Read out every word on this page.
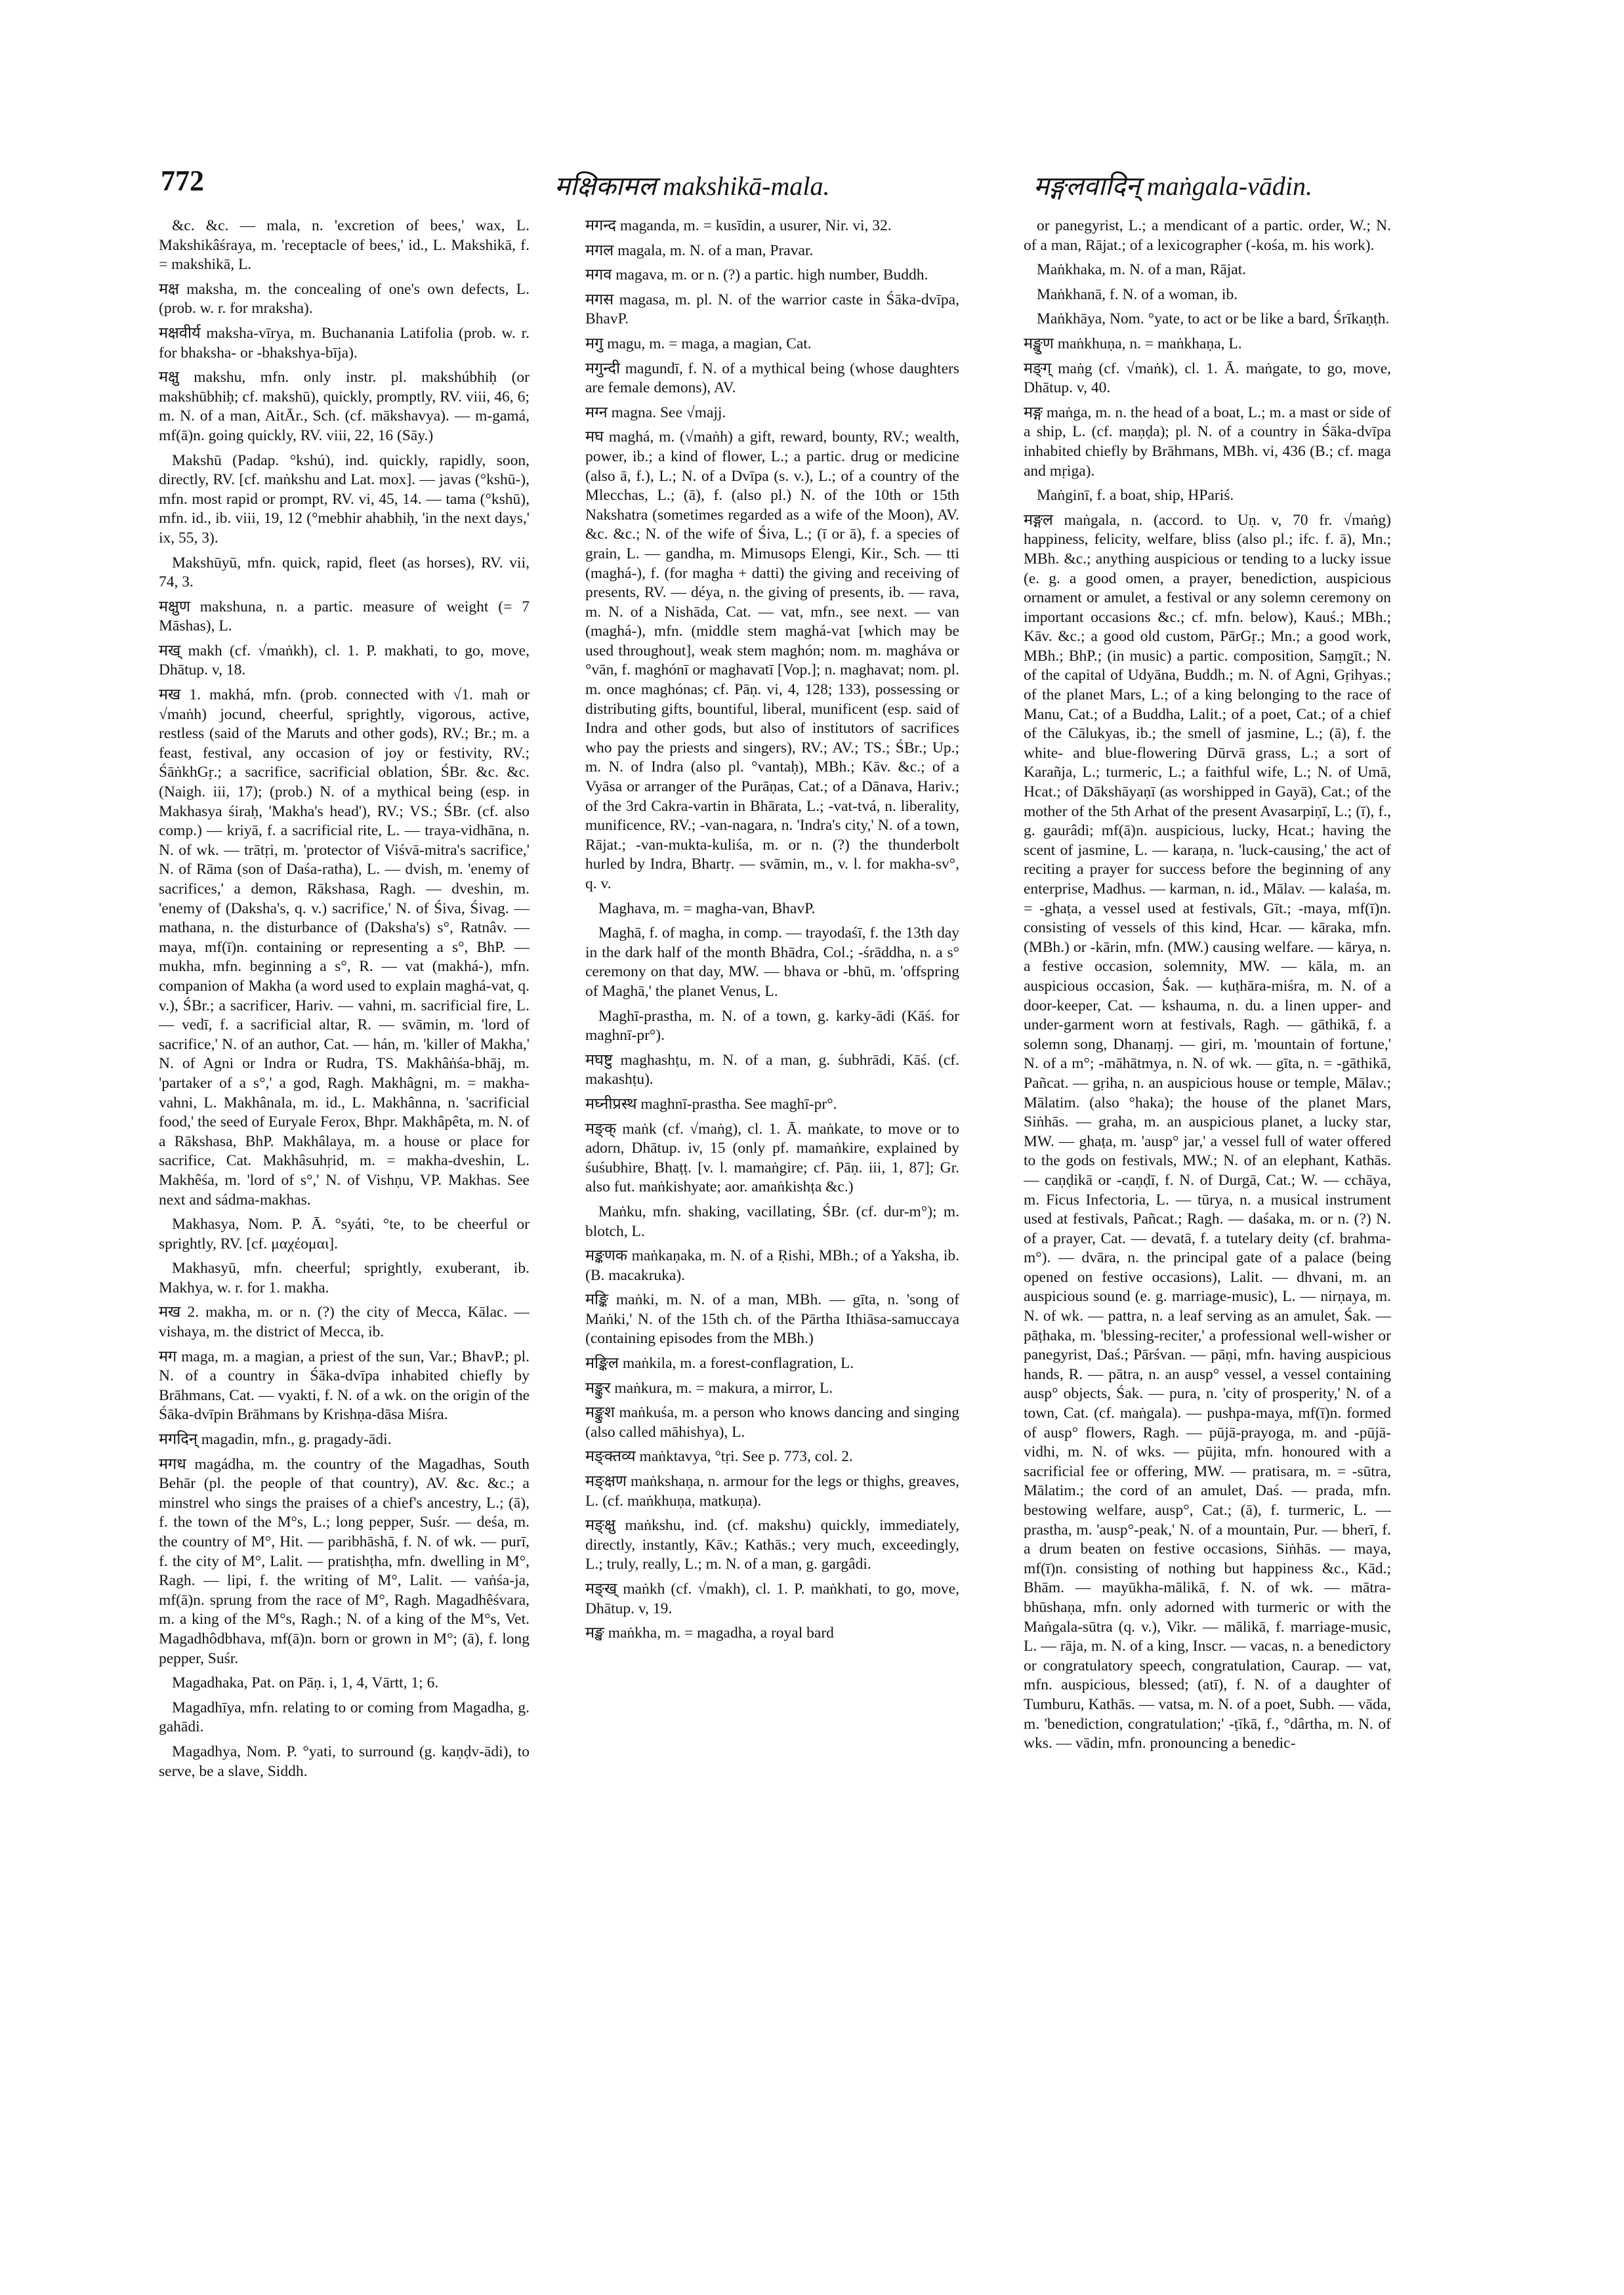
772	मक्षिकामल makshikā-mala.	मङ्गलवादिन् maṅgala-vādin.

&c. &c. — mala, n. 'excretion of bees,' wax, L. Makshikâśraya, m. 'receptacle of bees,' id., L. Makshikā, f. = makshikā, L.

मक्ष maksha, m. the concealing of one's own defects, L. (prob. w. r. for mraksha).

मक्षवीर्य maksha-vīrya, m. Buchanania Latifolia (prob. w. r. for bhaksha- or -bhakshya-bīja).

मक्षु makshu, mfn. only instr. pl. makshúbhiḥ (or makshūbhiḥ; cf. makshū), quickly, promptly, RV. viii, 46, 6; m. N. of a man, AitĀr., Sch. (cf. mākshavya). — m-gamá, mf(ā)n. going quickly, RV. viii, 22, 16 (Sāy.)

Makshū (Padap. °kshú), ind. quickly, rapidly, soon, directly, RV. [cf. maṅkshu and Lat. mox]. — javas (°kshū-), mfn. most rapid or prompt, RV. vi, 45, 14. — tama (°kshū), mfn. id., ib. viii, 19, 12 (°mebhir ahabhiḥ, 'in the next days,' ix, 55, 3).

Makshūyū, mfn. quick, rapid, fleet (as horses), RV. vii, 74, 3.

मक्षुण makshuna, n. a partic. measure of weight (= 7 Māshas), L.

मख् makh (cf. √maṅkh), cl. 1. P. makhati, to go, move, Dhātup. v, 18.

मख 1. makhá, mfn. (prob. connected with √1. mah or √maṅh) jocund, cheerful, sprightly, vigorous, active, restless (said of the Maruts and other gods), RV.; Br.; m. a feast, festival, any occasion of joy or festivity, RV.; ŚāṅkhGṛ.; a sacrifice, sacrificial oblation, ŚBr. &c. &c. (Naigh. iii, 17); (prob.) N. of a mythical being (esp. in Makhasya śiraḥ, 'Makha's head'), RV.; VS.; ŚBr. (cf. also comp.) — kriyā, f. a sacrificial rite, L. — traya-vidhāna, n. N. of wk. — trātṛi, m. 'protector of Viśvā-mitra's sacrifice,' N. of Rāma (son of Daśa-ratha), L. — dvish, m. 'enemy of sacrifices,' a demon, Rākshasa, Ragh. — dveshin, m. 'enemy of (Daksha's, q. v.) sacrifice,' N. of Śiva, Śivag. — mathana, n. the disturbance of (Daksha's) s°, Ratnâv. — maya, mf(ī)n. containing or representing a s°, BhP. — mukha, mfn. beginning a s°, R. — vat (makhá-), mfn. companion of Makha (a word used to explain maghá-vat, q. v.), ŚBr.; a sacrificer, Hariv. — vahni, m. sacrificial fire, L. — vedī, f. a sacrificial altar, R. — svāmin, m. 'lord of sacrifice,' N. of an author, Cat. — hán, m. 'killer of Makha,' N. of Agni or Indra or Rudra, TS. Makhâṅśa-bhāj, m. 'partaker of a s°,' a god, Ragh. Makhâgni, m. = makha-vahni, L. Makhânala, m. id., L. Makhânna, n. 'sacrificial food,' the seed of Euryale Ferox, Bhpr. Makhâpêta, m. N. of a Rākshasa, BhP. Makhâlaya, m. a house or place for sacrifice, Cat. Makhâsuhṛid, m. = makha-dveshin, L. Makhêśa, m. 'lord of s°,' N. of Vishṇu, VP. Makhas. See next and sádma-makhas.

Makhasya, Nom. P. Ā. °syáti, °te, to be cheerful or sprightly, RV. [cf. μαχέομαι].

Makhasyū, mfn. cheerful; sprightly, exuberant, ib. Makhya, w. r. for 1. makha.

मख 2. makha, m. or n. (?) the city of Mecca, Kālac. — vishaya, m. the district of Mecca, ib.

मग maga, m. a magian, a priest of the sun, Var.; BhavP.; pl. N. of a country in Śāka-dvīpa inhabited chiefly by Brāhmans, Cat. — vyakti, f. N. of a wk. on the origin of the Śāka-dvīpin Brāhmans by Krishṇa-dāsa Miśra.

मगदिन् magadin, mfn., g. pragady-ādi.

मगध magádha, m. the country of the Magadhas, South Behār (pl. the people of that country), AV. &c. &c.; a minstrel who sings the praises of a chief's ancestry, L.; (ā), f. the town of the M°s, L.; long pepper, Suśr. — deśa, m. the country of M°, Hit. — paribhāshā, f. N. of wk. — purī, f. the city of M°, Lalit. — pratishṭha, mfn. dwelling in M°, Ragh. — lipi, f. the writing of M°, Lalit. — vaṅśa-ja, mf(ā)n. sprung from the race of M°, Ragh. Magadhêśvara, m. a king of the M°s, Ragh.; N. of a king of the M°s, Vet. Magadhôdbhava, mf(ā)n. born or grown in M°; (ā), f. long pepper, Suśr.

Magadhaka, Pat. on Pāṇ. i, 1, 4, Vārtt, 1; 6.

Magadhīya, mfn. relating to or coming from Magadha, g. gahādi.

Magadhya, Nom. P. °yati, to surround (g. kaṇḍv-ādi), to serve, be a slave, Siddh.

मगन्द maganda, m. = kusīdin, a usurer, Nir. vi, 32.

मगल magala, m. N. of a man, Pravar.

मगव magava, m. or n. (?) a partic. high number, Buddh.

मगस magasa, m. pl. N. of the warrior caste in Śāka-dvīpa, BhavP.

मगु magu, m. = maga, a magian, Cat.

मगुन्दी magundī, f. N. of a mythical being (whose daughters are female demons), AV.

मग्न magna. See √majj.

मघ maghá, m. (√maṅh) a gift, reward, bounty, RV.; wealth, power, ib.; a kind of flower, L.; a partic. drug or medicine (also ā, f.), L.; N. of a Dvīpa (s. v.), L.; of a country of the Mlecchas, L.; (ā), f. (also pl.) N. of the 10th or 15th Nakshatra (sometimes regarded as a wife of the Moon), AV. &c. &c.; N. of the wife of Śiva, L.; (ī or ā), f. a species of grain, L. — gandha, m. Mimusops Elengi, Kir., Sch. — tti (maghá-), f. (for magha + datti) the giving and receiving of presents, RV. — déya, n. the giving of presents, ib. — rava, m. N. of a Nishāda, Cat. — vat, mfn., see next. — van (maghá-), mfn. (middle stem maghá-vat [which may be used throughout], weak stem maghón; nom. m. magháva or °vān, f. maghónī or maghavatī [Vop.]; n. maghavat; nom. pl. m. once maghónas; cf. Pāṇ. vi, 4, 128; 133), possessing or distributing gifts, bountiful, liberal, munificent (esp. said of Indra and other gods, but also of institutors of sacrifices who pay the priests and singers), RV.; AV.; TS.; ŚBr.; Up.; m. N. of Indra (also pl. °vantaḥ), MBh.; Kāv. &c.; of a Vyāsa or arranger of the Purāṇas, Cat.; of a Dānava, Hariv.; of the 3rd Cakra-vartin in Bhārata, L.; -vat-tvá, n. liberality, munificence, RV.; -van-nagara, n. 'Indra's city,' N. of a town, Rājat.; -van-mukta-kuliśa, m. or n. (?) the thunderbolt hurled by Indra, Bhartṛ. — svāmin, m., v. l. for makha-sv°, q. v.

Maghava, m. = magha-van, BhavP.

Maghā, f. of magha, in comp. — trayodaśī, f. the 13th day in the dark half of the month Bhādra, Col.; -śrāddha, n. a s° ceremony on that day, MW. — bhava or -bhū, m. 'offspring of Maghā,' the planet Venus, L.

Maghī-prastha, m. N. of a town, g. karky-ādi (Kāś. for maghnī-pr°).

मघष्टु maghashṭu, m. N. of a man, g. śubhrādi, Kāś. (cf. makashṭu).

मघ्नीप्रस्थ maghnī-prastha. See maghī-pr°.

मङ्क् maṅk (cf. √maṅg), cl. 1. Ā. maṅkate, to move or to adorn, Dhātup. iv, 15 (only pf. mamaṅkire, explained by śuśubhire, Bhaṭṭ. [v. l. mamaṅgire; cf. Pāṇ. iii, 1, 87]; Gr. also fut. maṅkishyate; aor. amaṅkishṭa &c.)

Maṅku, mfn. shaking, vacillating, ŚBr. (cf. dur-m°); m. blotch, L.

मङ्कणक maṅkaṇaka, m. N. of a Ṛishi, MBh.; of a Yaksha, ib. (B. macakruka).

मङ्कि maṅki, m. N. of a man, MBh. — gīta, n. 'song of Maṅki,' N. of the 15th ch. of the Pārtha Ithiāsa-samuccaya (containing episodes from the MBh.)

मङ्किल maṅkila, m. a forest-conflagration, L.

मङ्कुर maṅkura, m. = makura, a mirror, L.

मङ्कुश maṅkuśa, m. a person who knows dancing and singing (also called māhishya), L.

मङ्क्तव्य maṅktavya, °tṛi. See p. 773, col. 2.

मङ्क्षण maṅkshaṇa, n. armour for the legs or thighs, greaves, L. (cf. maṅkhuṇa, matkuṇa).

मङ्क्षु maṅkshu, ind. (cf. makshu) quickly, immediately, directly, instantly, Kāv.; Kathās.; very much, exceedingly, L.; truly, really, L.; m. N. of a man, g. gargâdi.

मङ्ख् maṅkh (cf. √makh), cl. 1. P. maṅkhati, to go, move, Dhātup. v, 19.

मङ्ख maṅkha, m. = magadha, a royal bard

or panegyrist, L.; a mendicant of a partic. order, W.; N. of a man, Rājat.; of a lexicographer (-kośa, m. his work).

Maṅkhaka, m. N. of a man, Rājat.

Maṅkhanā, f. N. of a woman, ib.

Maṅkhāya, Nom. °yate, to act or be like a bard, Śrīkaṇṭh.

मङ्खुण maṅkhuṇa, n. = maṅkhaṇa, L.

मङ्ग् maṅg (cf. √maṅk), cl. 1. Ā. maṅgate, to go, move, Dhātup. v, 40.

मङ्ग maṅga, m. n. the head of a boat, L.; m. a mast or side of a ship, L. (cf. maṇḍa); pl. N. of a country in Śāka-dvīpa inhabited chiefly by Brāhmans, MBh. vi, 436 (B.; cf. maga and mṛiga).

Maṅginī, f. a boat, ship, HPariś.

मङ्गल maṅgala, n. (accord. to Uṇ. v, 70 fr. √maṅg) happiness, felicity, welfare, bliss (also pl.; ifc. f. ā), Mn.; MBh. &c.; anything auspicious or tending to a lucky issue (e. g. a good omen, a prayer, benediction, auspicious ornament or amulet, a festival or any solemn ceremony on important occasions &c.; cf. mfn. below), Kauś.; MBh.; Kāv. &c.; a good old custom, PārGṛ.; Mn.; a good work, MBh.; BhP.; (in music) a partic. composition, Saṃgīt.; N. of the capital of Udyāna, Buddh.; m. N. of Agni, Gṛihyas.; of the planet Mars, L.; of a king belonging to the race of Manu, Cat.; of a Buddha, Lalit.; of a poet, Cat.; of a chief of the Cālukyas, ib.; the smell of jasmine, L.; (ā), f. the white- and blue-flowering Dūrvā grass, L.; a sort of Karañja, L.; turmeric, L.; a faithful wife, L.; N. of Umā, Hcat.; of Dākshāyaṇī (as worshipped in Gayā), Cat.; of the mother of the 5th Arhat of the present Avasarpiṇī, L.; (ī), f., g. gaurâdi; mf(ā)n. auspicious, lucky, Hcat.; having the scent of jasmine, L. — karaṇa, n. 'luck-causing,' the act of reciting a prayer for success before the beginning of any enterprise, Madhus. — karman, n. id., Mālav. — kalaśa, m. = -ghaṭa, a vessel used at festivals, Gīt.; -maya, mf(ī)n. consisting of vessels of this kind, Hcar. — kāraka, mfn. (MBh.) or -kārin, mfn. (MW.) causing welfare. — kārya, n. a festive occasion, solemnity, MW. — kāla, m. an auspicious occasion, Śak. — kuṭhāra-miśra, m. N. of a door-keeper, Cat. — kshauma, n. du. a linen upper- and under-garment worn at festivals, Ragh. — gāthikā, f. a solemn song, Dhanaṃj. — giri, m. 'mountain of fortune,' N. of a m°; -māhātmya, n. N. of wk. — gīta, n. = -gāthikā, Pañcat. — gṛiha, n. an auspicious house or temple, Mālav.; Mālatim. (also °haka); the house of the planet Mars, Siṅhās. — graha, m. an auspicious planet, a lucky star, MW. — ghaṭa, m. 'ausp° jar,' a vessel full of water offered to the gods on festivals, MW.; N. of an elephant, Kathās. — caṇḍikā or -caṇḍī, f. N. of Durgā, Cat.; W. — cchāya, m. Ficus Infectoria, L. — tūrya, n. a musical instrument used at festivals, Pañcat.; Ragh. — daśaka, m. or n. (?) N. of a prayer, Cat. — devatā, f. a tutelary deity (cf. brahma-m°). — dvāra, n. the principal gate of a palace (being opened on festive occasions), Lalit. — dhvani, m. an auspicious sound (e. g. marriage-music), L. — nirṇaya, m. N. of wk. — pattra, n. a leaf serving as an amulet, Śak. — pāṭhaka, m. 'blessing-reciter,' a professional well-wisher or panegyrist, Daś.; Pārśvan. — pāṇi, mfn. having auspicious hands, R. — pātra, n. an ausp° vessel, a vessel containing ausp° objects, Śak. — pura, n. 'city of prosperity,' N. of a town, Cat. (cf. maṅgala). — pushpa-maya, mf(ī)n. formed of ausp° flowers, Ragh. — pūjā-prayoga, m. and -pūjā-vidhi, m. N. of wks. — pūjita, mfn. honoured with a sacrificial fee or offering, MW. — pratisara, m. = -sūtra, Mālatim.; the cord of an amulet, Daś. — prada, mfn. bestowing welfare, ausp°, Cat.; (ā), f. turmeric, L. — prastha, m. 'ausp°-peak,' N. of a mountain, Pur. — bherī, f. a drum beaten on festive occasions, Siṅhās. — maya, mf(ī)n. consisting of nothing but happiness &c., Kād.; Bhām. — mayūkha-mālikā, f. N. of wk. — mātra-bhūshaṇa, mfn. only adorned with turmeric or with the Maṅgala-sūtra (q. v.), Vikr. — mālikā, f. marriage-music, L. — rāja, m. N. of a king, Inscr. — vacas, n. a benedictory or congratulatory speech, congratulation, Caurap. — vat, mfn. auspicious, blessed; (atī), f. N. of a daughter of Tumburu, Kathās. — vatsa, m. N. of a poet, Subh. — vāda, m. 'benediction, congratulation;' -ṭīkā, f., °dârtha, m. N. of wks. — vādin, mfn. pronouncing a benedic-
